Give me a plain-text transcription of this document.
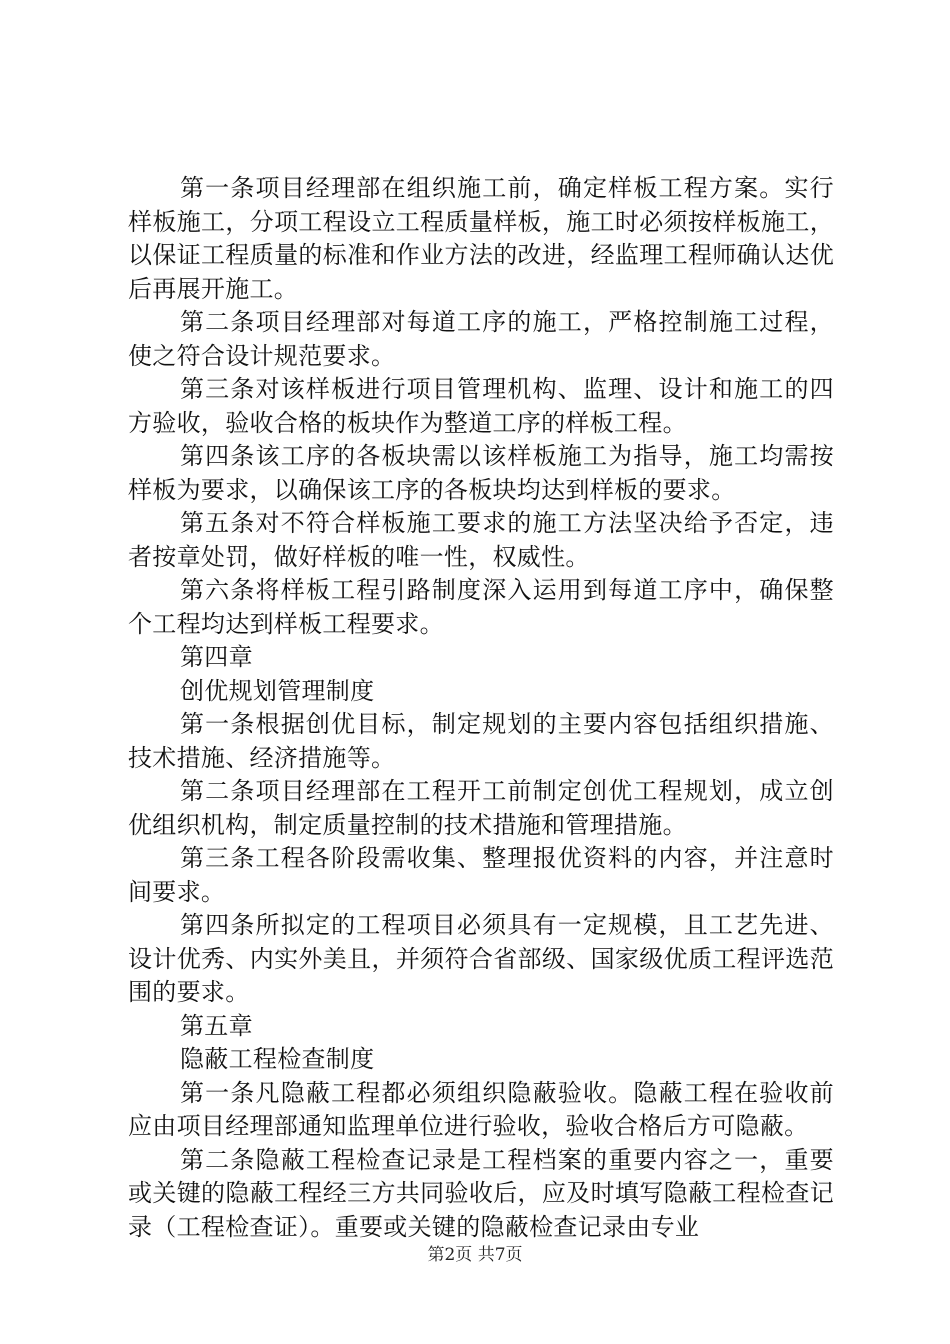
第一条项目经理部在组织施工前，确定样板工程方案。实行样板施工，分项工程设立工程质量样板，施工时必须按样板施工，以保证工程质量的标准和作业方法的改进，经监理工程师确认达优后再展开施工。

第二条项目经理部对每道工序的施工，严格控制施工过程，使之符合设计规范要求。

第三条对该样板进行项目管理机构、监理、设计和施工的四方验收，验收合格的板块作为整道工序的样板工程。

第四条该工序的各板块需以该样板施工为指导，施工均需按样板为要求，以确保该工序的各板块均达到样板的要求。

第五条对不符合样板施工要求的施工方法坚决给予否定，违者按章处罚，做好样板的唯一性，权威性。

第六条将样板工程引路制度深入运用到每道工序中，确保整个工程均达到样板工程要求。

第四章

创优规划管理制度

第一条根据创优目标，制定规划的主要内容包括组织措施、技术措施、经济措施等。

第二条项目经理部在工程开工前制定创优工程规划，成立创优组织机构，制定质量控制的技术措施和管理措施。

第三条工程各阶段需收集、整理报优资料的内容，并注意时间要求。

第四条所拟定的工程项目必须具有一定规模，且工艺先进、设计优秀、内实外美且，并须符合省部级、国家级优质工程评选范围的要求。

第五章

隐蔽工程检查制度

第一条凡隐蔽工程都必须组织隐蔽验收。隐蔽工程在验收前应由项目经理部通知监理单位进行验收，验收合格后方可隐蔽。

第二条隐蔽工程检查记录是工程档案的重要内容之一，重要或关键的隐蔽工程经三方共同验收后，应及时填写隐蔽工程检查记录（工程检查证）。重要或关键的隐蔽检查记录由专业

第2页 共7页
